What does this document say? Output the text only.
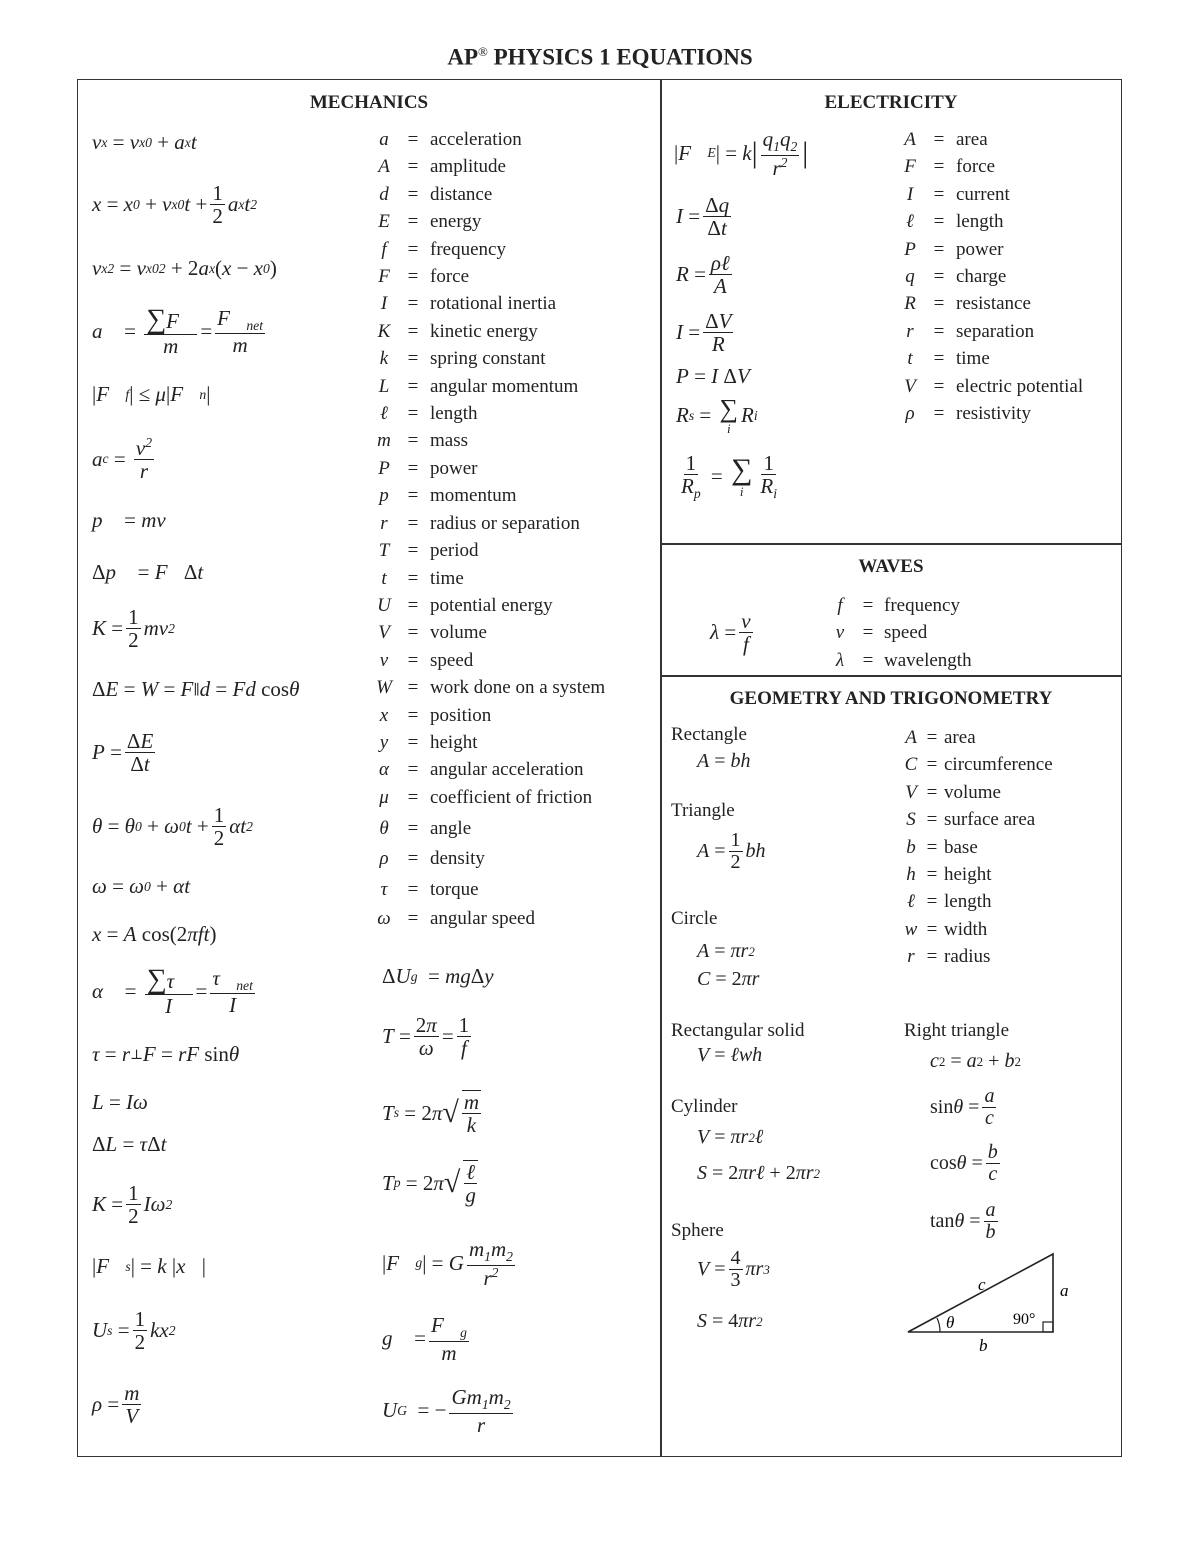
AP® PHYSICS 1 EQUATIONS
MECHANICS	ELECTRICITY
WAVES
GEOMETRY AND TRIGONOMETRY
v x
= v x0
+ a x t
x = x 0
+ v x0 $t + \frac{1}{2}$ a x t 2
v x 2
= v x0 2
+ 2 a x ( x − x 0 )
a⃗ = $\frac{\sum F⃗}{m} = \frac{F⃗_{net}}{m}$
| F⃗ f | ≤ μ | F⃗ n |
a $c = \frac{v^2}{r}$
p⃗ = mv⃗
Δ p⃗ = F⃗ Δ t
$K = \frac{1}{2}$ mv 2
Δ E = W = F ∥ d = Fd cos θ
$P = \frac{\Delta E}{\Delta t}$
θ = θ 0
+ ω 0 $t + \frac{1}{2}$ αt 2
ω = ω 0
+ αt
x = A cos(2 πft )
α⃗ = $\frac{\sum\tau⃗}{I} = \frac{\tau⃗_{net}}{I}$
τ = r ⊥ F = rF sin θ
L = Iω
Δ L = τ Δ t
$K = \frac{1}{2}$ Iω 2
| F⃗ s | = k | x⃗ |
U $s = \frac{1}{2}$ kx 2
$\rho = \frac{m}{V}$
a = acceleration
A = amplitude
d = distance
E = energy
f	= frequency
F = force
I	= rotational inertia
K = kinetic energy
k	= spring constant
L = angular momentum
ℓ	= length
m = mass
P = power
p = momentum
r	= radius or separation
T = period
t	= time
U = potential energy
V = volume
v	= speed
W = work done on a system
x	= position
y	= height
α = angular acceleration
μ = coefficient of friction
θ = angle
ρ	= density
τ	= torque
ω = angular speed
Δ U g = mg Δ y
$T = \frac{2\pi}{\omega} = \frac{1}{f}$
T s = 2 π √ $\frac{m}{k}$
T p = 2 π √ $\frac{\text{ℓ}}{g}$
| F⃗ g | = G $\frac{m_1m_2}{r^2}$
g⃗ = $\frac{F⃗_g}{m}$
U G = − $\frac{Gm_1m_2}{r}$
| F⃗ E | = k | $\frac{q_1q_2}{r^2}$ |
$I = \frac{\Delta q}{\Delta t}$
$R = \frac{\text{ρℓ}}{A}$
$I = \frac{\Delta V}{R}$
P = I Δ V
R s = ∑
i
R i
$\frac{1}{R_p}$ = ∑
i $\frac{1}{R_i}$
A = area
F = force
I	= current
ℓ	= length
P = power
q = charge
R = resistance
r	= separation
t	= time
V = electric potential
ρ	= resistivity
$\lambda = \frac{v}{f}$
f	= frequency
v = speed
λ = wavelength
Rectangle
A = bh
Triangle
$A = \frac{1}{2}$ bh
Circle
A = πr 2
C = 2 πr
Rectangular solid
V = ℓwh
Cylinder
V = πr 2 ℓ
S = 2 πrℓ + 2 πr 2
Sphere
$V = \frac{4}{3}$ πr 3
S = 4 πr 2
A = area
C = circumference
V = volume
S = surface area
b = base
h = height
ℓ = length
w = width
r = radius
Right triangle
c 2 = a 2 + b 2
$\sin \theta = \frac{a}{c}$
$\cos \theta = \frac{b}{c}$
$\tan \theta = \frac{a}{b}$
c	a
b
θ	90°
